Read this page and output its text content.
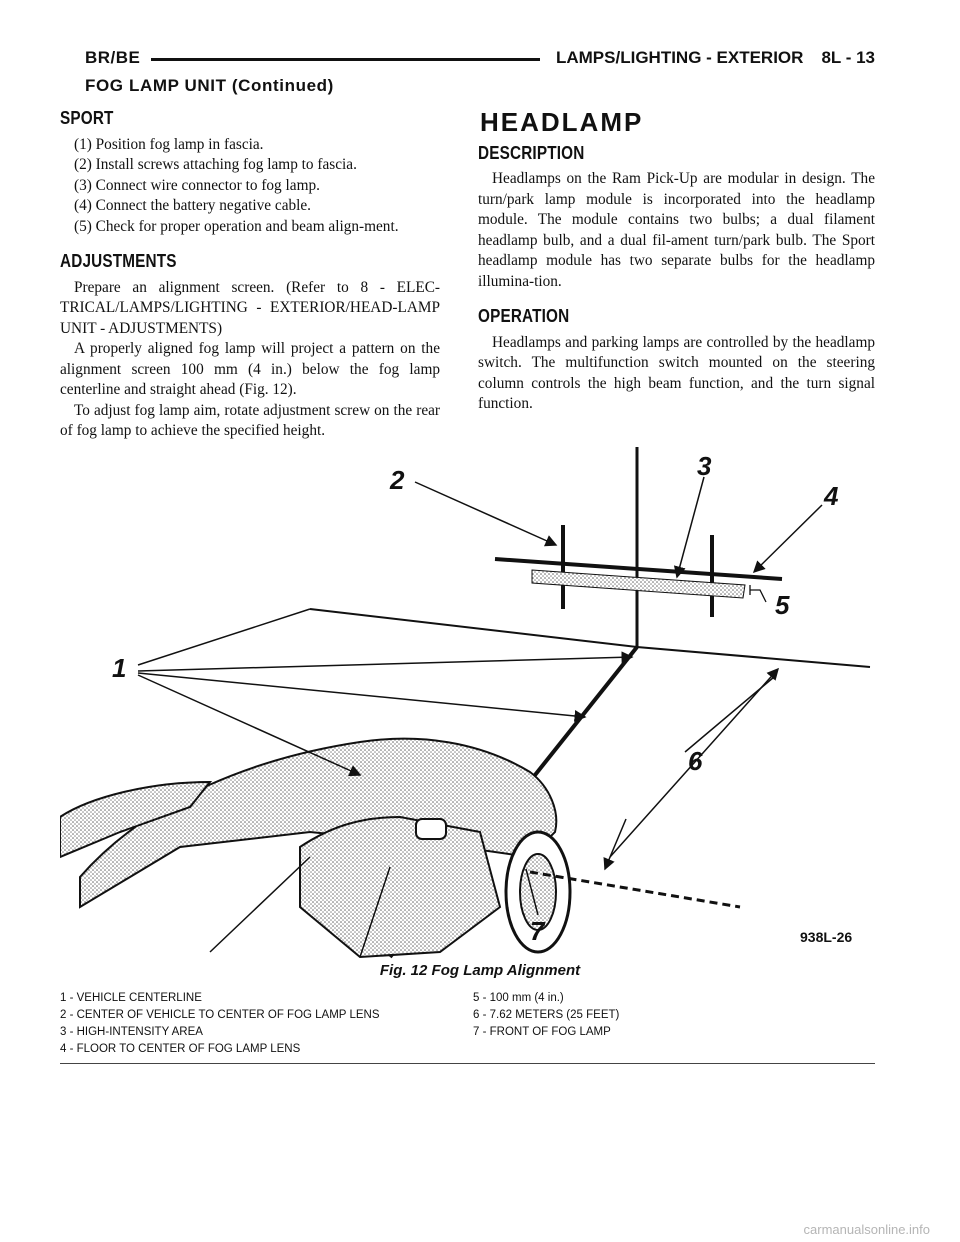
BR/BE	LAMPS/LIGHTING - EXTERIOR 8L - 13
FOG LAMP UNIT (Continued)
SPORT

(1) Position fog lamp in fascia.

(2) Install screws attaching fog lamp to fascia.

(3) Connect wire connector to fog lamp.

(4) Connect the battery negative cable.

(5) Check for proper operation and beam align-ment.

ADJUSTMENTS

Prepare an alignment screen. (Refer to 8 - ELEC-TRICAL/LAMPS/LIGHTING - EXTERIOR/HEAD-LAMP UNIT - ADJUSTMENTS)

A properly aligned fog lamp will project a pattern on the alignment screen 100 mm (4 in.) below the fog lamp centerline and straight ahead (Fig. 12).

To adjust fog lamp aim, rotate adjustment screw on the rear of fog lamp to achieve the specified height.

HEADLAMP
DESCRIPTION

Headlamps on the Ram Pick-Up are modular in design. The turn/park lamp module is incorporated into the headlamp module. The module contains two bulbs; a dual filament headlamp bulb, and a dual fil-ament turn/park bulb. The Sport headlamp module has two separate bulbs for the headlamp illumina-tion.

OPERATION

Headlamps and parking lamps are controlled by the headlamp switch. The multifunction switch mounted on the steering column controls the high beam function, and the turn signal function.

1
2	3
4
5
6
7	938L-26
Fig. 12 Fog Lamp Alignment
1 - VEHICLE CENTERLINE
2 - CENTER OF VEHICLE TO CENTER OF FOG LAMP LENS
3 - HIGH-INTENSITY AREA
4 - FLOOR TO CENTER OF FOG LAMP LENS
5 - 100 mm (4 in.)
6 - 7.62 METERS (25 FEET)
7 - FRONT OF FOG LAMP
carmanualsonline.info
